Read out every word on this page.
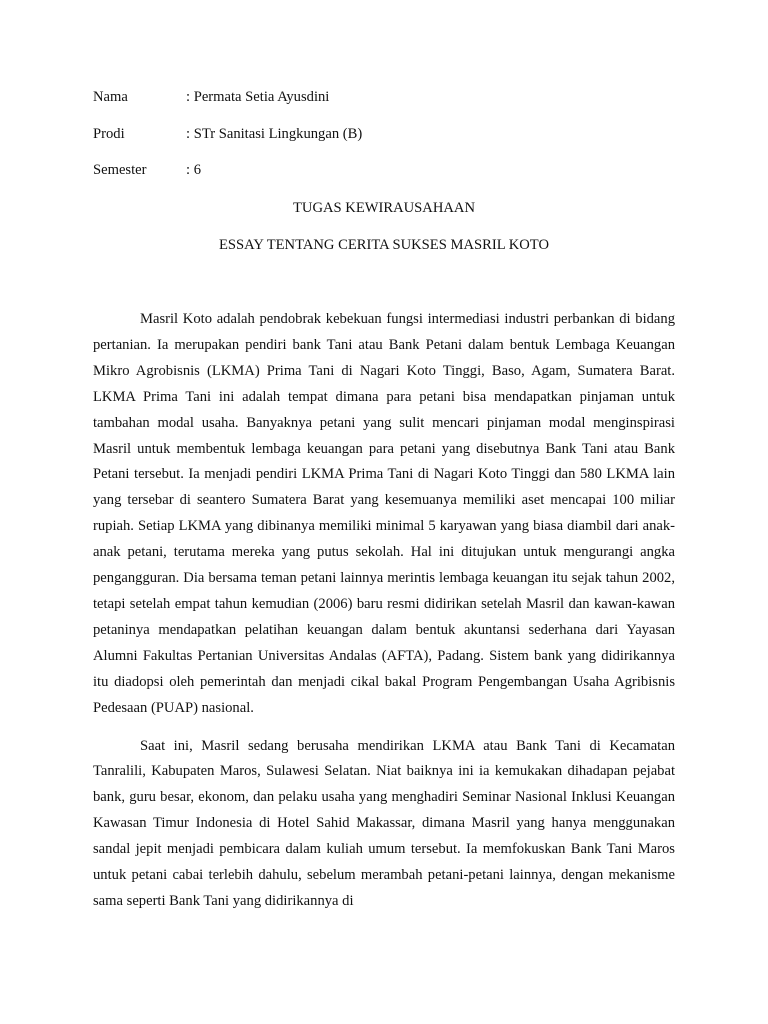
Nama	: Permata Setia Ayusdini
Prodi	: STr Sanitasi Lingkungan (B)
Semester	: 6
TUGAS KEWIRAUSAHAAN
ESSAY TENTANG CERITA SUKSES MASRIL KOTO

Masril Koto adalah pendobrak kebekuan fungsi intermediasi industri perbankan di bidang pertanian. Ia merupakan pendiri bank Tani atau Bank Petani dalam bentuk Lembaga Keuangan Mikro Agrobisnis (LKMA) Prima Tani di Nagari Koto Tinggi, Baso, Agam, Sumatera Barat. LKMA Prima Tani ini adalah tempat dimana para petani bisa mendapatkan pinjaman untuk tambahan modal usaha. Banyaknya petani yang sulit mencari pinjaman modal menginspirasi Masril untuk membentuk lembaga keuangan para petani yang disebutnya Bank Tani atau Bank Petani tersebut. Ia menjadi pendiri LKMA Prima Tani di Nagari Koto Tinggi dan 580 LKMA lain yang tersebar di seantero Sumatera Barat yang kesemuanya memiliki aset mencapai 100 miliar rupiah. Setiap LKMA yang dibinanya memiliki minimal 5 karyawan yang biasa diambil dari anak-anak petani, terutama mereka yang putus sekolah. Hal ini ditujukan untuk mengurangi angka pengangguran. Dia bersama teman petani lainnya merintis lembaga keuangan itu sejak tahun 2002, tetapi setelah empat tahun kemudian (2006) baru resmi didirikan setelah Masril dan kawan-kawan petaninya mendapatkan pelatihan keuangan dalam bentuk akuntansi sederhana dari Yayasan Alumni Fakultas Pertanian Universitas Andalas (AFTA), Padang. Sistem bank yang didirikannya itu diadopsi oleh pemerintah dan menjadi cikal bakal Program Pengembangan Usaha Agribisnis Pedesaan (PUAP) nasional.

Saat ini, Masril sedang berusaha mendirikan LKMA atau Bank Tani di Kecamatan Tanralili, Kabupaten Maros, Sulawesi Selatan. Niat baiknya ini ia kemukakan dihadapan pejabat bank, guru besar, ekonom, dan pelaku usaha yang menghadiri Seminar Nasional Inklusi Keuangan Kawasan Timur Indonesia di Hotel Sahid Makassar, dimana Masril yang hanya menggunakan sandal jepit menjadi pembicara dalam kuliah umum tersebut. Ia memfokuskan Bank Tani Maros untuk petani cabai terlebih dahulu, sebelum merambah petani-petani lainnya, dengan mekanisme sama seperti Bank Tani yang didirikannya di
